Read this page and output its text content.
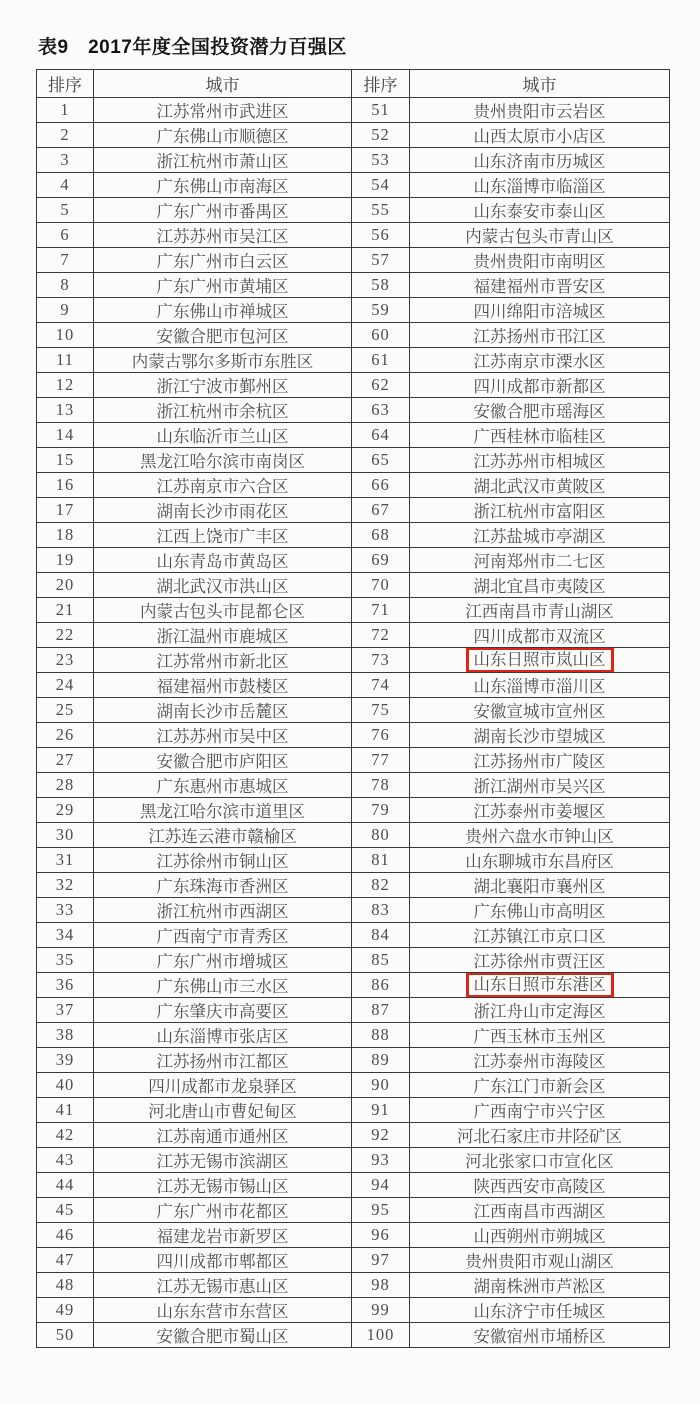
表9　2017年度全国投资潜力百强区
排序	城市	排序	城市
1	江苏常州市武进区	51	贵州贵阳市云岩区
2	广东佛山市顺德区	52	山西太原市小店区
3	浙江杭州市萧山区	53	山东济南市历城区
4	广东佛山市南海区	54	山东淄博市临淄区
5	广东广州市番禺区	55	山东泰安市泰山区
6	江苏苏州市吴江区	56	内蒙古包头市青山区
7	广东广州市白云区	57	贵州贵阳市南明区
8	广东广州市黄埔区	58	福建福州市晋安区
9	广东佛山市禅城区	59	四川绵阳市涪城区
10	安徽合肥市包河区	60	江苏扬州市邗江区
11	内蒙古鄂尔多斯市东胜区	61	江苏南京市溧水区
12	浙江宁波市鄞州区	62	四川成都市新都区
13	浙江杭州市余杭区	63	安徽合肥市瑶海区
14	山东临沂市兰山区	64	广西桂林市临桂区
15	黑龙江哈尔滨市南岗区	65	江苏苏州市相城区
16	江苏南京市六合区	66	湖北武汉市黄陂区
17	湖南长沙市雨花区	67	浙江杭州市富阳区
18	江西上饶市广丰区	68	江苏盐城市亭湖区
19	山东青岛市黄岛区	69	河南郑州市二七区
20	湖北武汉市洪山区	70	湖北宜昌市夷陵区
21	内蒙古包头市昆都仑区	71	江西南昌市青山湖区
22	浙江温州市鹿城区	72	四川成都市双流区
23	江苏常州市新北区	73	山东日照市岚山区
24	福建福州市鼓楼区	74	山东淄博市淄川区
25	湖南长沙市岳麓区	75	安徽宣城市宣州区
26	江苏苏州市吴中区	76	湖南长沙市望城区
27	安徽合肥市庐阳区	77	江苏扬州市广陵区
28	广东惠州市惠城区	78	浙江湖州市吴兴区
29	黑龙江哈尔滨市道里区	79	江苏泰州市姜堰区
30	江苏连云港市赣榆区	80	贵州六盘水市钟山区
31	江苏徐州市铜山区	81	山东聊城市东昌府区
32	广东珠海市香洲区	82	湖北襄阳市襄州区
33	浙江杭州市西湖区	83	广东佛山市高明区
34	广西南宁市青秀区	84	江苏镇江市京口区
35	广东广州市增城区	85	江苏徐州市贾汪区
36	广东佛山市三水区	86	山东日照市东港区
37	广东肇庆市高要区	87	浙江舟山市定海区
38	山东淄博市张店区	88	广西玉林市玉州区
39	江苏扬州市江都区	89	江苏泰州市海陵区
40	四川成都市龙泉驿区	90	广东江门市新会区
41	河北唐山市曹妃甸区	91	广西南宁市兴宁区
42	江苏南通市通州区	92	河北石家庄市井陉矿区
43	江苏无锡市滨湖区	93	河北张家口市宣化区
44	江苏无锡市锡山区	94	陕西西安市高陵区
45	广东广州市花都区	95	江西南昌市西湖区
46	福建龙岩市新罗区	96	山西朔州市朔城区
47	四川成都市郫都区	97	贵州贵阳市观山湖区
48	江苏无锡市惠山区	98	湖南株洲市芦淞区
49	山东东营市东营区	99	山东济宁市任城区
50	安徽合肥市蜀山区	100	安徽宿州市埇桥区
